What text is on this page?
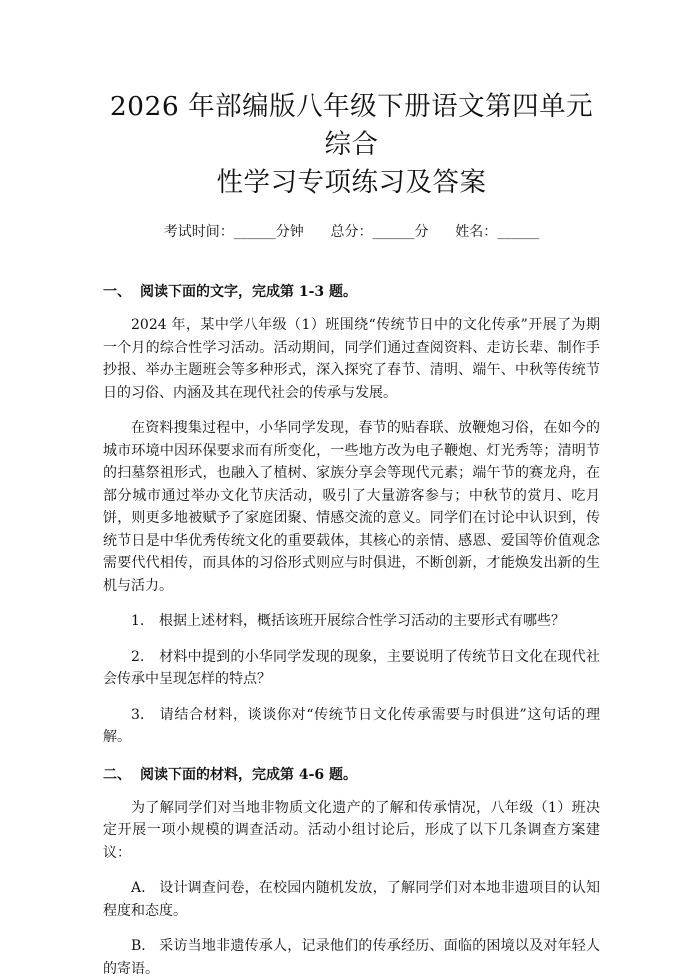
2026 年部编版八年级下册语文第四单元综合
性学习专项练习及答案
考试时间：______分钟      总分：______分      姓名：______
一、 阅读下面的文字，完成第 1-3 题。

2024 年，某中学八年级（1）班围绕“传统节日中的文化传承”开展了为期一个月的综合性学习活动。活动期间，同学们通过查阅资料、走访长辈、制作手抄报、举办主题班会等多种形式，深入探究了春节、清明、端午、中秋等传统节日的习俗、内涵及其在现代社会的传承与发展。

在资料搜集过程中，小华同学发现，春节的贴春联、放鞭炮习俗，在如今的城市环境中因环保要求而有所变化，一些地方改为电子鞭炮、灯光秀等；清明节的扫墓祭祖形式，也融入了植树、家族分享会等现代元素；端午节的赛龙舟，在部分城市通过举办文化节庆活动，吸引了大量游客参与；中秋节的赏月、吃月饼，则更多地被赋予了家庭团聚、情感交流的意义。同学们在讨论中认识到，传统节日是中华优秀传统文化的重要载体，其核心的亲情、感恩、爱国等价值观念需要代代相传，而具体的习俗形式则应与时俱进，不断创新，才能焕发出新的生机与活力。

1. 根据上述材料，概括该班开展综合性学习活动的主要形式有哪些？

2. 材料中提到的小华同学发现的现象，主要说明了传统节日文化在现代社会传承中呈现怎样的特点？

3. 请结合材料，谈谈你对“传统节日文化传承需要与时俱进”这句话的理解。

二、 阅读下面的材料，完成第 4-6 题。

为了解同学们对当地非物质文化遗产的了解和传承情况，八年级（1）班决定开展一项小规模的调查活动。活动小组讨论后，形成了以下几条调查方案建议：

A. 设计调查问卷，在校园内随机发放，了解同学们对本地非遗项目的认知程度和态度。

B. 采访当地非遗传承人，记录他们的传承经历、面临的困境以及对年轻人的寄语。
